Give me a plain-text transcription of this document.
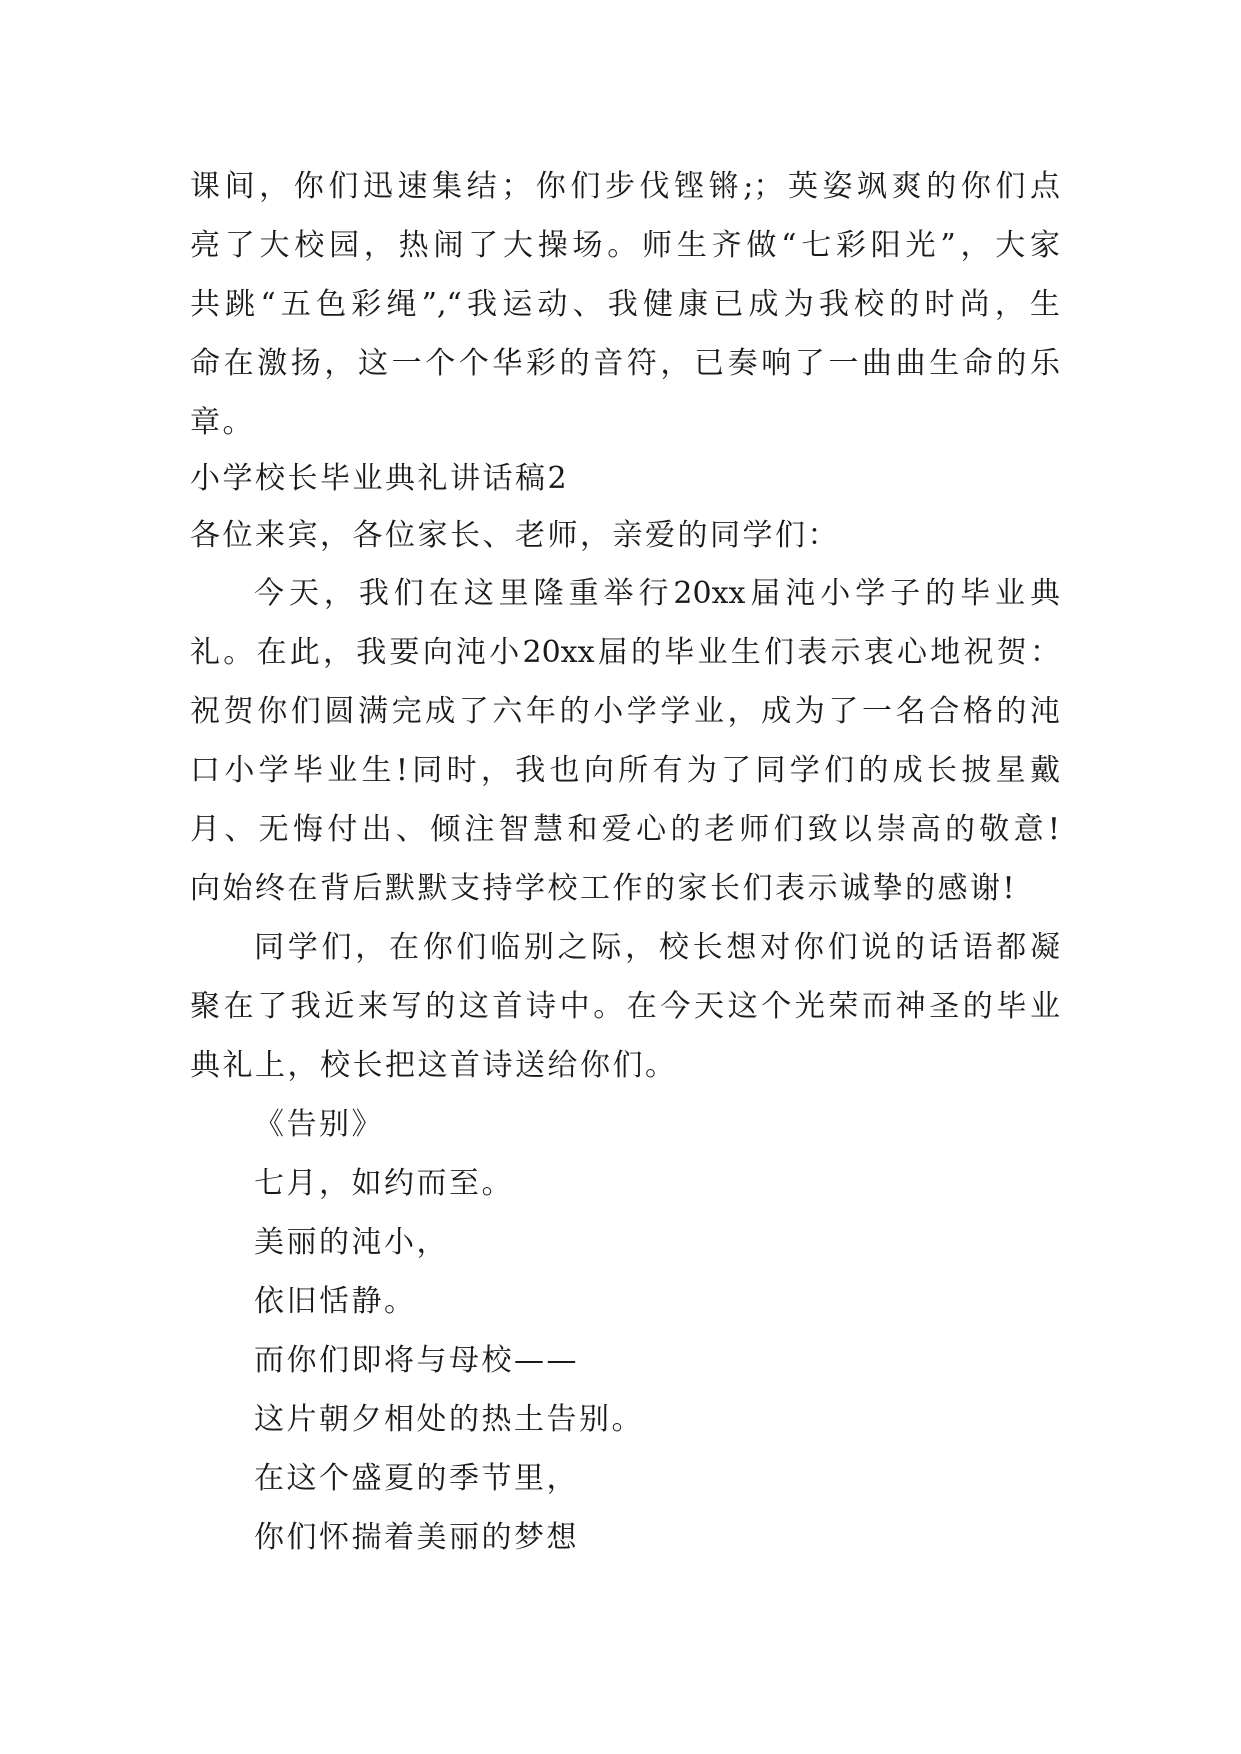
课间，你们迅速集结；你们步伐铿锵;；英姿飒爽的你们点
亮了大校园，热闹了大操场。师生齐做“七彩阳光”，大家
共跳“五色彩绳”,“我运动、我健康已成为我校的时尚，生
命在激扬，这一个个华彩的音符，已奏响了一曲曲生命的乐
章。
小学校长毕业典礼讲话稿2
各位来宾，各位家长、老师，亲爱的同学们：
今天，我们在这里隆重举行20xx届沌小学子的毕业典
礼。在此，我要向沌小20xx届的毕业生们表示衷心地祝贺：
祝贺你们圆满完成了六年的小学学业，成为了一名合格的沌
口小学毕业生!同时，我也向所有为了同学们的成长披星戴
月、无悔付出、倾注智慧和爱心的老师们致以崇高的敬意!
向始终在背后默默支持学校工作的家长们表示诚挚的感谢!
同学们，在你们临别之际，校长想对你们说的话语都凝
聚在了我近来写的这首诗中。在今天这个光荣而神圣的毕业
典礼上，校长把这首诗送给你们。
《告别》
七月，如约而至。
美丽的沌小，
依旧恬静。
而你们即将与母校——
这片朝夕相处的热土告别。
在这个盛夏的季节里，
你们怀揣着美丽的梦想
